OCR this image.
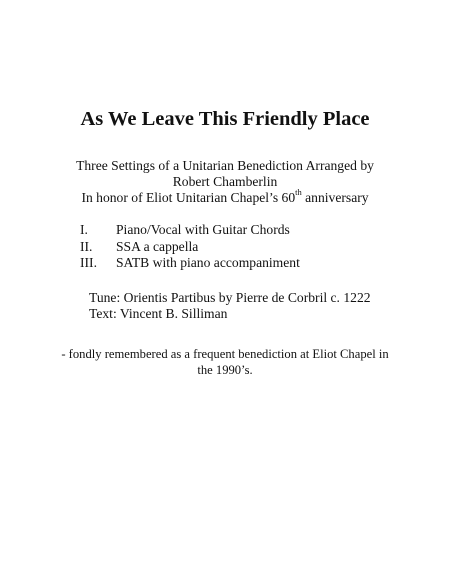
As We Leave This Friendly Place
Three Settings of a Unitarian Benediction Arranged by
Robert Chamberlin
In honor of Eliot Unitarian Chapel’s 60th anniversary
I. Piano/Vocal with Guitar Chords
II. SSA a cappella
III. SATB with piano accompaniment
Tune: Orientis Partibus by Pierre de Corbril c. 1222
Text: Vincent B. Silliman
- fondly remembered as a frequent benediction at Eliot Chapel in
the 1990’s.
